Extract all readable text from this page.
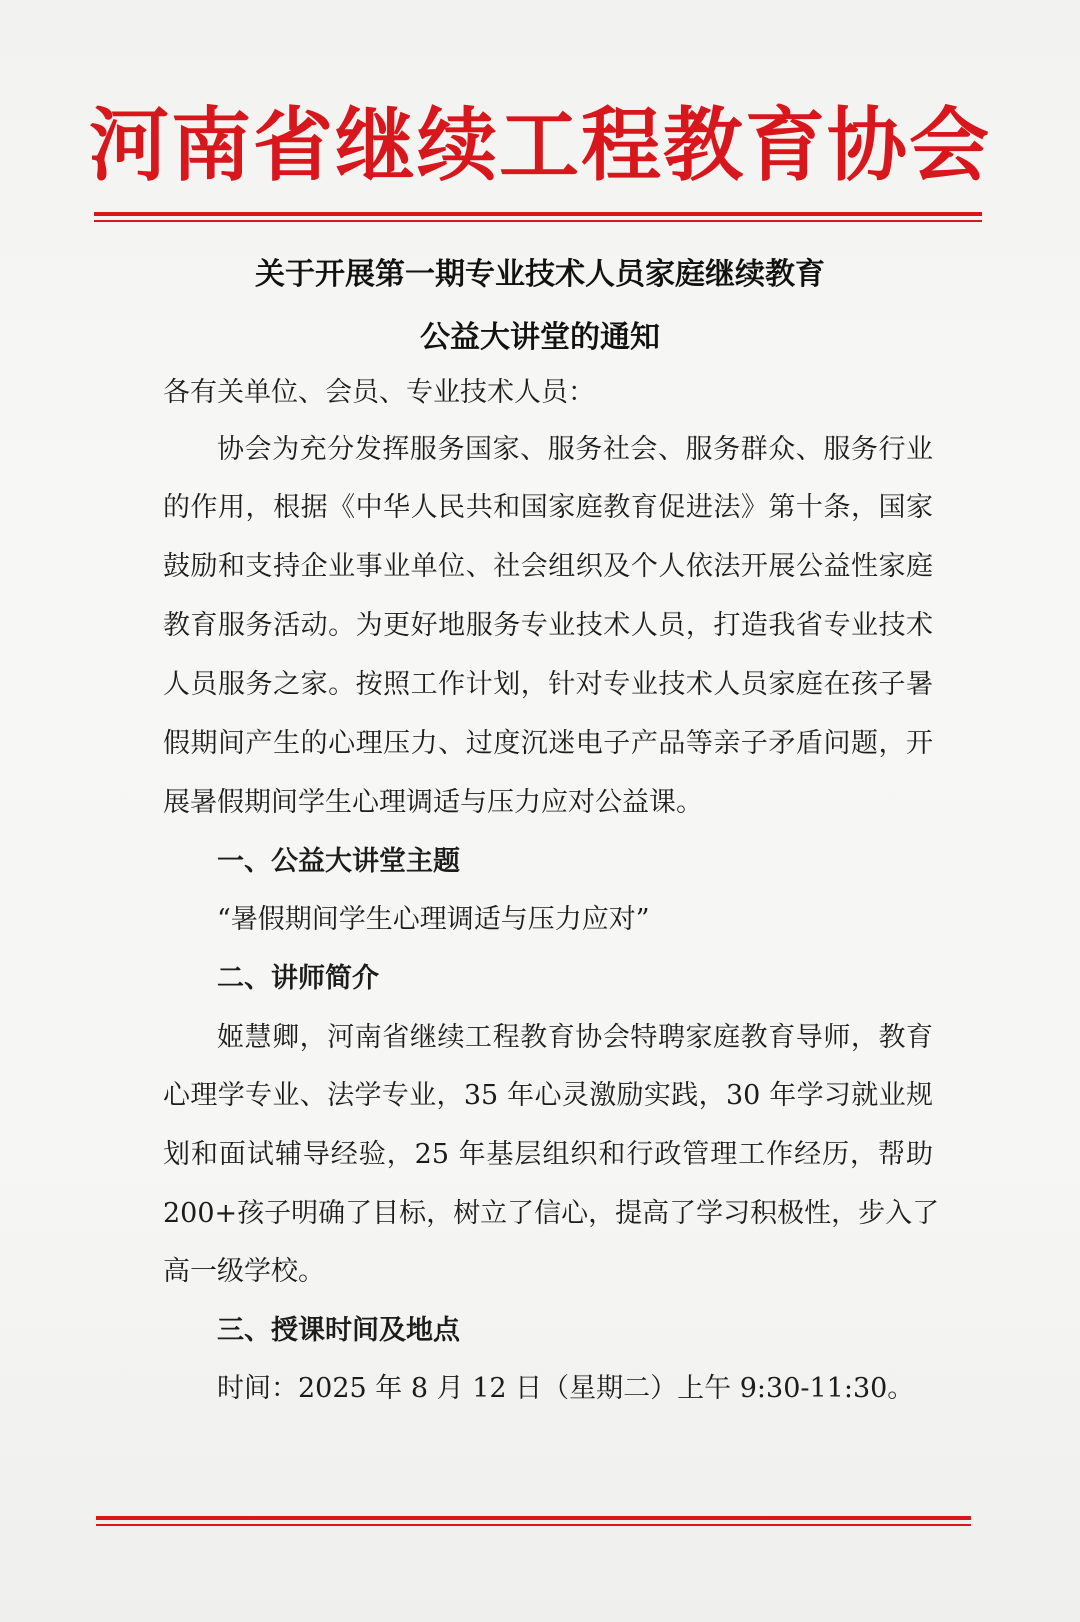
河南省继续工程教育协会
关于开展第一期专业技术人员家庭继续教育
公益大讲堂的通知
各有关单位、会员、专业技术人员：
协会为充分发挥服务国家、服务社会、服务群众、服务行业
的作用，根据《中华人民共和国家庭教育促进法》第十条，国家
鼓励和支持企业事业单位、社会组织及个人依法开展公益性家庭
教育服务活动。为更好地服务专业技术人员，打造我省专业技术
人员服务之家。按照工作计划，针对专业技术人员家庭在孩子暑
假期间产生的心理压力、过度沉迷电子产品等亲子矛盾问题，开
展暑假期间学生心理调适与压力应对公益课。
一、公益大讲堂主题
“暑假期间学生心理调适与压力应对”
二、讲师简介
姬慧卿，河南省继续工程教育协会特聘家庭教育导师，教育
心理学专业、法学专业，35 年心灵激励实践，30 年学习就业规
划和面试辅导经验，25 年基层组织和行政管理工作经历，帮助
200+孩子明确了目标，树立了信心，提高了学习积极性，步入了
高一级学校。
三、授课时间及地点
时间：2025 年 8 月 12 日（星期二）上午 9:30-11:30。
